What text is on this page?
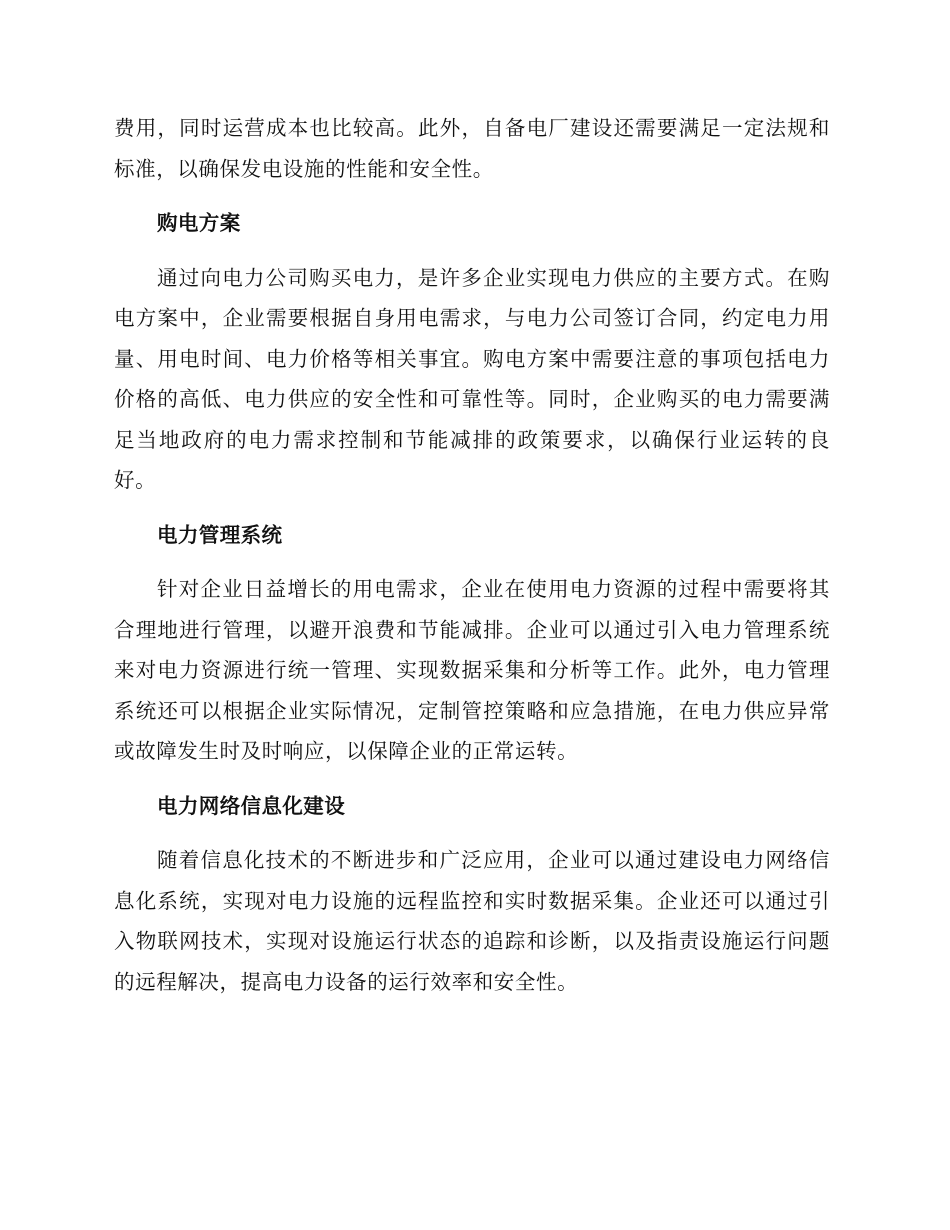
费用，同时运营成本也比较高。此外，自备电厂建设还需要满足一定法规和标准，以确保发电设施的性能和安全性。

购电方案

通过向电力公司购买电力，是许多企业实现电力供应的主要方式。在购电方案中，企业需要根据自身用电需求，与电力公司签订合同，约定电力用量、用电时间、电力价格等相关事宜。购电方案中需要注意的事项包括电力价格的高低、电力供应的安全性和可靠性等。同时，企业购买的电力需要满足当地政府的电力需求控制和节能减排的政策要求，以确保行业运转的良好。

电力管理系统

针对企业日益增长的用电需求，企业在使用电力资源的过程中需要将其合理地进行管理，以避开浪费和节能减排。企业可以通过引入电力管理系统来对电力资源进行统一管理、实现数据采集和分析等工作。此外，电力管理系统还可以根据企业实际情况，定制管控策略和应急措施，在电力供应异常或故障发生时及时响应，以保障企业的正常运转。

电力网络信息化建设

随着信息化技术的不断进步和广泛应用，企业可以通过建设电力网络信息化系统，实现对电力设施的远程监控和实时数据采集。企业还可以通过引入物联网技术，实现对设施运行状态的追踪和诊断，以及指责设施运行问题的远程解决，提高电力设备的运行效率和安全性。
